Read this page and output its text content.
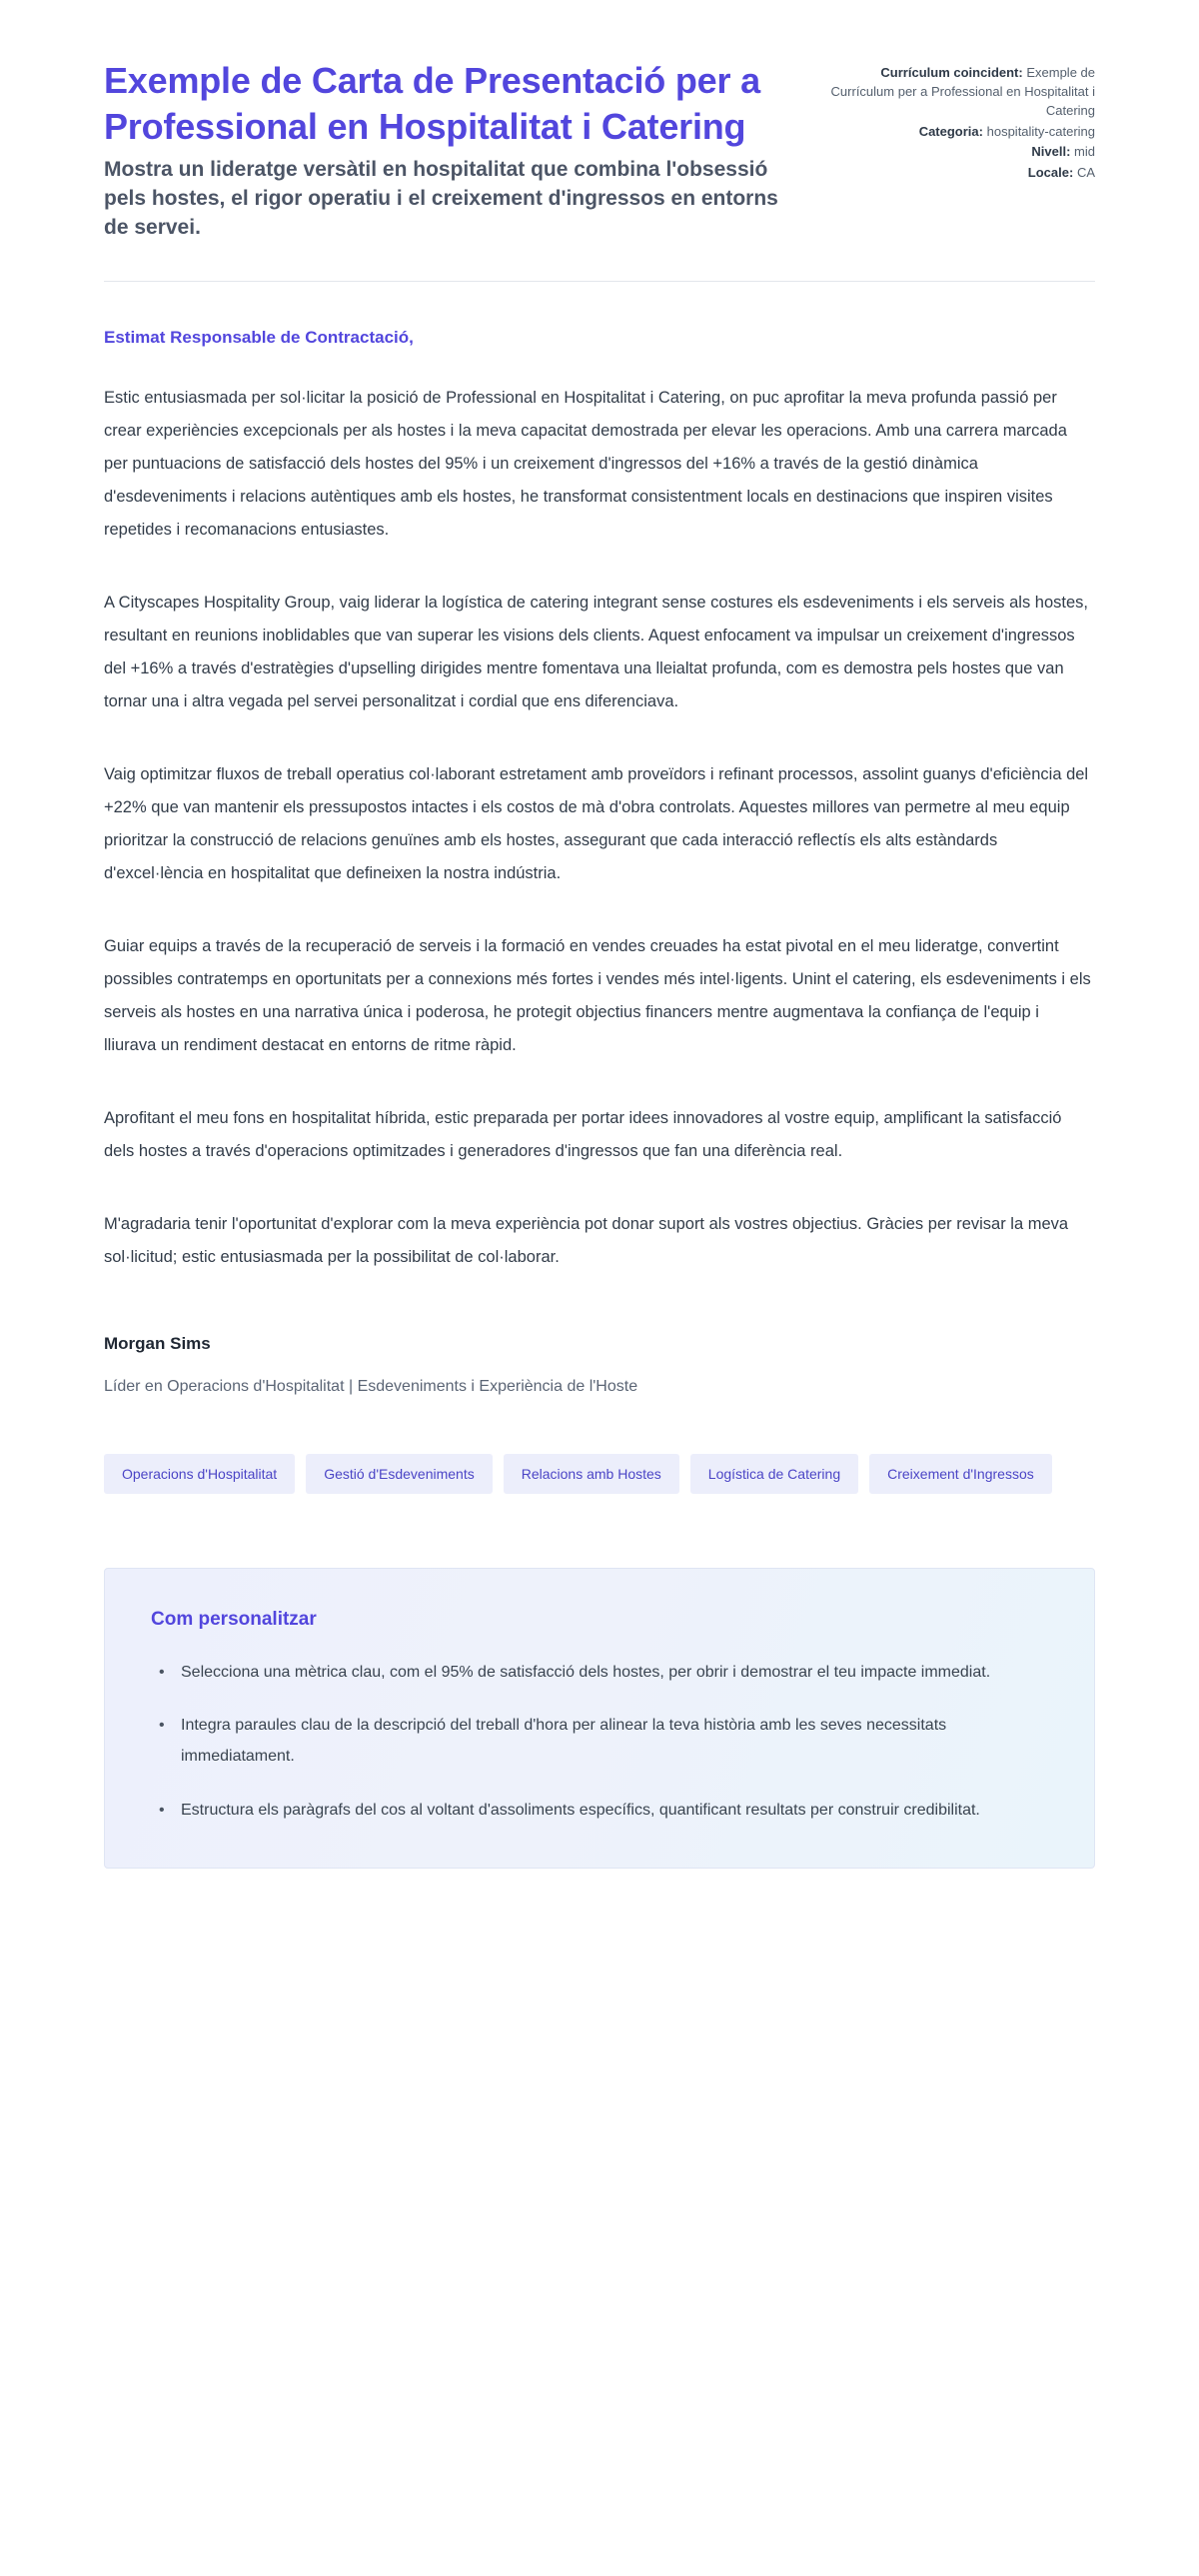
Exemple de Carta de Presentació per a Professional en Hospitalitat i Catering

Mostra un lideratge versàtil en hospitalitat que combina l'obsessió pels hostes, el rigor operatiu i el creixement d'ingressos en entorns de servei.

Currículum coincident: Exemple de Currículum per a Professional en Hospitalitat i Catering
Categoria: hospitality-catering
Nivell: mid
Locale: CA

Estimat Responsable de Contractació,

Estic entusiasmada per sol·licitar la posició de Professional en Hospitalitat i Catering, on puc aprofitar la meva profunda passió per crear experiències excepcionals per als hostes i la meva capacitat demostrada per elevar les operacions. Amb una carrera marcada per puntuacions de satisfacció dels hostes del 95% i un creixement d'ingressos del +16% a través de la gestió dinàmica d'esdeveniments i relacions autèntiques amb els hostes, he transformat consistentment locals en destinacions que inspiren visites repetides i recomanacions entusiastes.

A Cityscapes Hospitality Group, vaig liderar la logística de catering integrant sense costures els esdeveniments i els serveis als hostes, resultant en reunions inoblidables que van superar les visions dels clients. Aquest enfocament va impulsar un creixement d'ingressos del +16% a través d'estratègies d'upselling dirigides mentre fomentava una lleialtat profunda, com es demostra pels hostes que van tornar una i altra vegada pel servei personalitzat i cordial que ens diferenciava.

Vaig optimitzar fluxos de treball operatius col·laborant estretament amb proveïdors i refinant processos, assolint guanys d'eficiència del +22% que van mantenir els pressupostos intactes i els costos de mà d'obra controlats. Aquestes millores van permetre al meu equip prioritzar la construcció de relacions genuïnes amb els hostes, assegurant que cada interacció reflectís els alts estàndards d'excel·lència en hospitalitat que defineixen la nostra indústria.

Guiar equips a través de la recuperació de serveis i la formació en vendes creuades ha estat pivotal en el meu lideratge, convertint possibles contratemps en oportunitats per a connexions més fortes i vendes més intel·ligents. Unint el catering, els esdeveniments i els serveis als hostes en una narrativa única i poderosa, he protegit objectius financers mentre augmentava la confiança de l'equip i lliurava un rendiment destacat en entorns de ritme ràpid.

Aprofitant el meu fons en hospitalitat híbrida, estic preparada per portar idees innovadores al vostre equip, amplificant la satisfacció dels hostes a través d'operacions optimitzades i generadores d'ingressos que fan una diferència real.

M'agradaria tenir l'oportunitat d'explorar com la meva experiència pot donar suport als vostres objectius. Gràcies per revisar la meva sol·licitud; estic entusiasmada per la possibilitat de col·laborar.

Morgan Sims

Líder en Operacions d'Hospitalitat | Esdeveniments i Experiència de l'Hoste

Operacions d'Hospitalitat	Gestió d'Esdeveniments	Relacions amb Hostes	Logística de Catering	Creixement d'Ingressos

Com personalitzar

• Selecciona una mètrica clau, com el 95% de satisfacció dels hostes, per obrir i demostrar el teu impacte immediat.
• Integra paraules clau de la descripció del treball d'hora per alinear la teva història amb les seves necessitats immediatament.
• Estructura els paràgrafs del cos al voltant d'assoliments específics, quantificant resultats per construir credibilitat.
